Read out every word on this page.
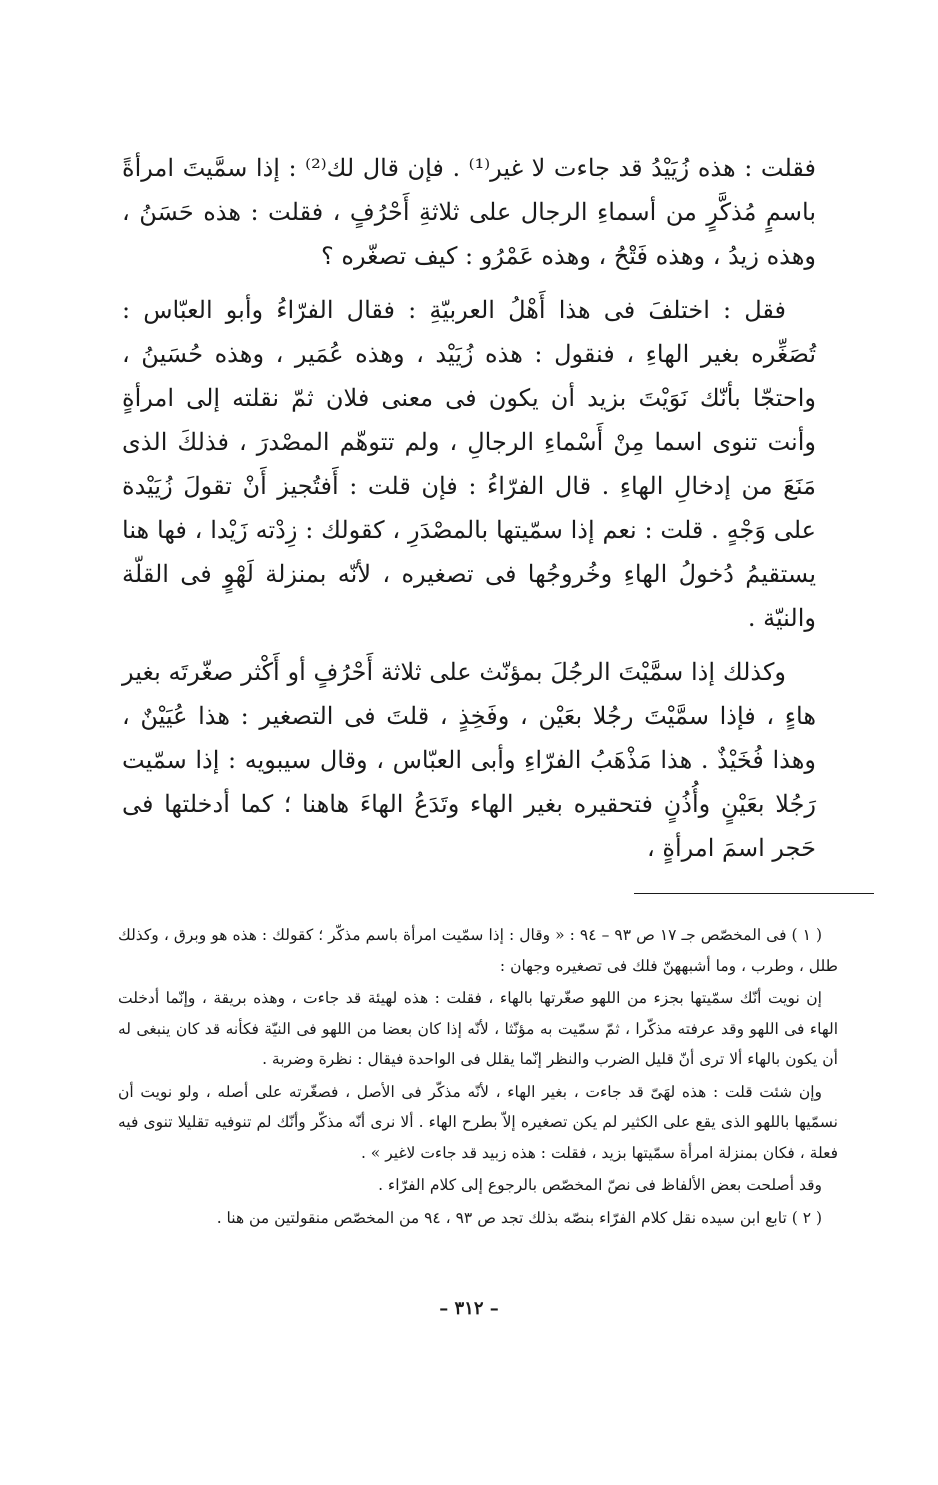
فقلت : هذه زُيَيْدُ قد جاءت لا غير⁽¹⁾ . فإن قال لك⁽²⁾ : إذا سمَّيتَ امرأةً باسمٍ مُذكَّرٍ من أسماءِ الرجال على ثلاثةِ أَحْرُفٍ ، فقلت : هذه حَسَنُ ، وهذه زيدُ ، وهذه فَتْحُ ، وهذه عَمْرُو : كيف تصغّره ؟

فقل : اختلفَ فى هذا أَهْلُ العربيّةِ : فقال الفرّاءُ وأبو العبّاس : تُصَغِّره بغير الهاءِ ، فنقول : هذه زُيَيْد ، وهذه عُمَير ، وهذه حُسَينُ ، واحتجّا بأنّك نَوَيْتَ بزيد أن يكون فى معنى فلان ثمّ نقلته إلى امرأةٍ وأنت تنوى اسما مِنْ أَسْماءِ الرجالِ ، ولم تتوهّم المصْدرَ ، فذلكَ الذى مَنَعَ من إدخالِ الهاءِ . قال الفرّاءُ : فإن قلت : أَفتُجيز أَنْ تقولَ زُيَيْدة على وَجْهٍ . قلت : نعم إذا سمّيتها بالمصْدَرِ ، كقولك : زِدْته زَيْدا ، فها هنا يستقيمُ دُخولُ الهاءِ وخُروجُها فى تصغيره ، لأنّه بمنزلة لَهْوٍ فى القلّة والنيّة .

وكذلك إذا سمَّيْتَ الرجُلَ بمؤنّث على ثلاثة أَحْرُفٍ أو أَكْثر صغّرتَه بغير هاءٍ ، فإذا سمَّيْتَ رجُلا بعَيْن ، وفَخِذٍ ، قلتَ فى التصغير : هذا عُيَيْنٌ ، وهذا فُخَيْذٌ . هذا مَذْهَبُ الفرّاءِ وأبى العبّاس ، وقال سيبويه : إذا سمّيت رَجُلا بعَيْنٍ وأُذُنٍ فتحقيره بغير الهاء وتَدَعُ الهاءَ هاهنا ؛ كما أدخلتها فى حَجر اسمَ امرأةٍ ،

( ١ ) فى المخصّص جـ ١٧ ص ٩٣ – ٩٤ : « وقال : إذا سمّيت امرأة باسم مذكّر ؛ كقولك : هذه هو وبرق ، وكذلك طلل ، وطرب ، وما أشبههنّ فلك فى تصغيره وجهان :

إن نويت أنّك سمّيتها بجزء من اللهو صغّرتها بالهاء ، فقلت : هذه لهيئة قد جاءت ، وهذه بريقة ، وإنّما أدخلت الهاء فى اللهو وقد عرفته مذكّرا ، ثمّ سمّيت به مؤنّثا ، لأنّه إذا كان بعضا من اللهو فى النيّة فكأنه قد كان ينبغى له أن يكون بالهاء ألا ترى أنّ قليل الضرب والنظر إنّما يقلل فى الواحدة فيقال : نظرة وضربة .

وإن شئت قلت : هذه لهَىّ قد جاءت ، بغير الهاء ، لأنّه مذكّر فى الأصل ، فصغّرته على أصله ، ولو نويت أن نسمّيها باللهو الذى يقع على الكثير لم يكن تصغيره إلاّ بطرح الهاء . ألا نرى أنّه مذكّر وأنّك لم تنوفيه تقليلا تنوى فيه فعلة ، فكان بمنزلة امرأة سمّيتها بزيد ، فقلت : هذه زبيد قد جاءت لاغير » .

وقد أصلحت بعض الألفاظ فى نصّ المخصّص بالرجوع إلى كلام الفرّاء .

( ٢ ) تابع ابن سيده نقل كلام الفرّاء بنصّه بذلك تجد ص ٩٣ ، ٩٤ من المخصّص منقولتين من هنا .

– ٣١٢ –
